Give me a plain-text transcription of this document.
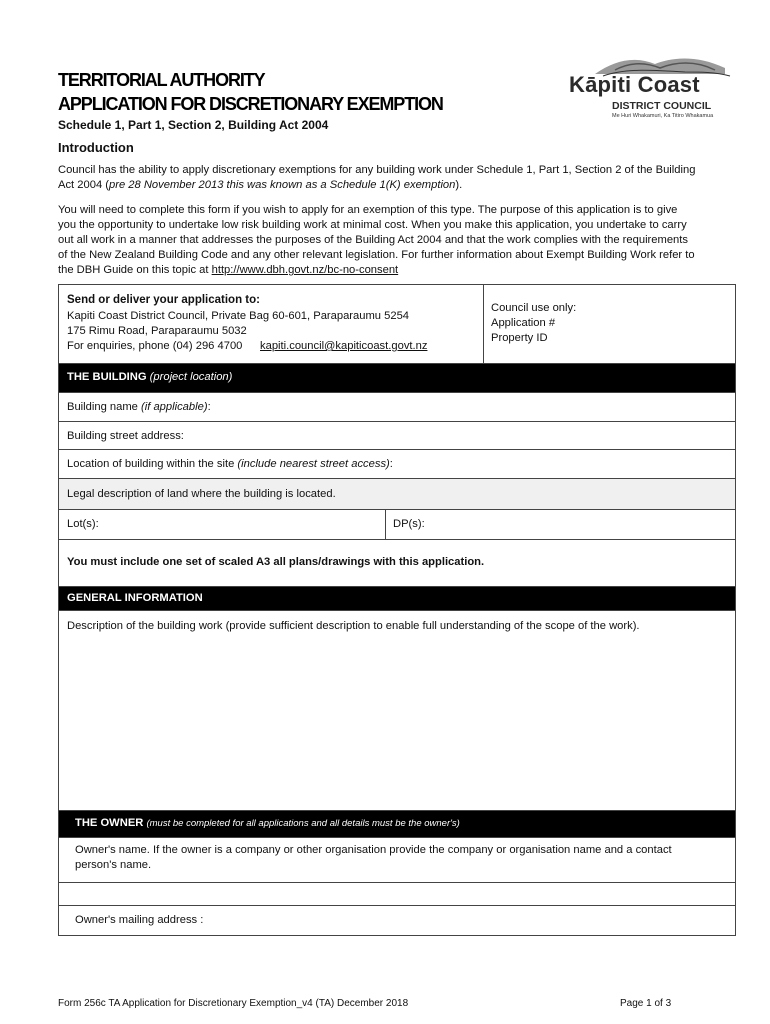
TERRITORIAL AUTHORITY
APPLICATION FOR DISCRETIONARY EXEMPTION
Schedule 1, Part 1, Section 2, Building Act 2004
Kāpiti Coast
DISTRICT COUNCIL
Me Huri Whakamuri, Ka Titiro Whakamua
Introduction
Council has the ability to apply discretionary exemptions for any building work under Schedule 1, Part 1, Section 2 of the Building Act 2004 (pre 28 November 2013 this was known as a Schedule 1(K) exemption).
You will need to complete this form if you wish to apply for an exemption of this type. The purpose of this application is to give you the opportunity to undertake low risk building work at minimal cost. When you make this application, you undertake to carry out all work in a manner that addresses the purposes of the Building Act 2004 and that the work complies with the requirements of the New Zealand Building Code and any other relevant legislation. For further information about Exempt Building Work refer to the DBH Guide on this topic at http://www.dbh.govt.nz/bc-no-consent
Send or deliver your application to:
Kapiti Coast District Council, Private Bag 60-601, Paraparaumu 5254
175 Rimu Road, Paraparaumu 5032
For enquiries, phone (04) 296 4700 kapiti.council@kapiticoast.govt.nz
Council use only:
Application #
Property ID
THE BUILDING (project location)
Building name (if applicable):
Building street address:
Location of building within the site (include nearest street access):
Legal description of land where the building is located.
Lot(s):	DP(s):
You must include one set of scaled A3 all plans/drawings with this application.
GENERAL INFORMATION
Description of the building work (provide sufficient description to enable full understanding of the scope of the work).
THE OWNER (must be completed for all applications and all details must be the owner's)
Owner's name. If the owner is a company or other organisation provide the company or organisation name and a contact
person's name.
Owner's mailing address :
Form 256c TA Application for Discretionary Exemption_v4 (TA) December 2018	Page 1 of 3
